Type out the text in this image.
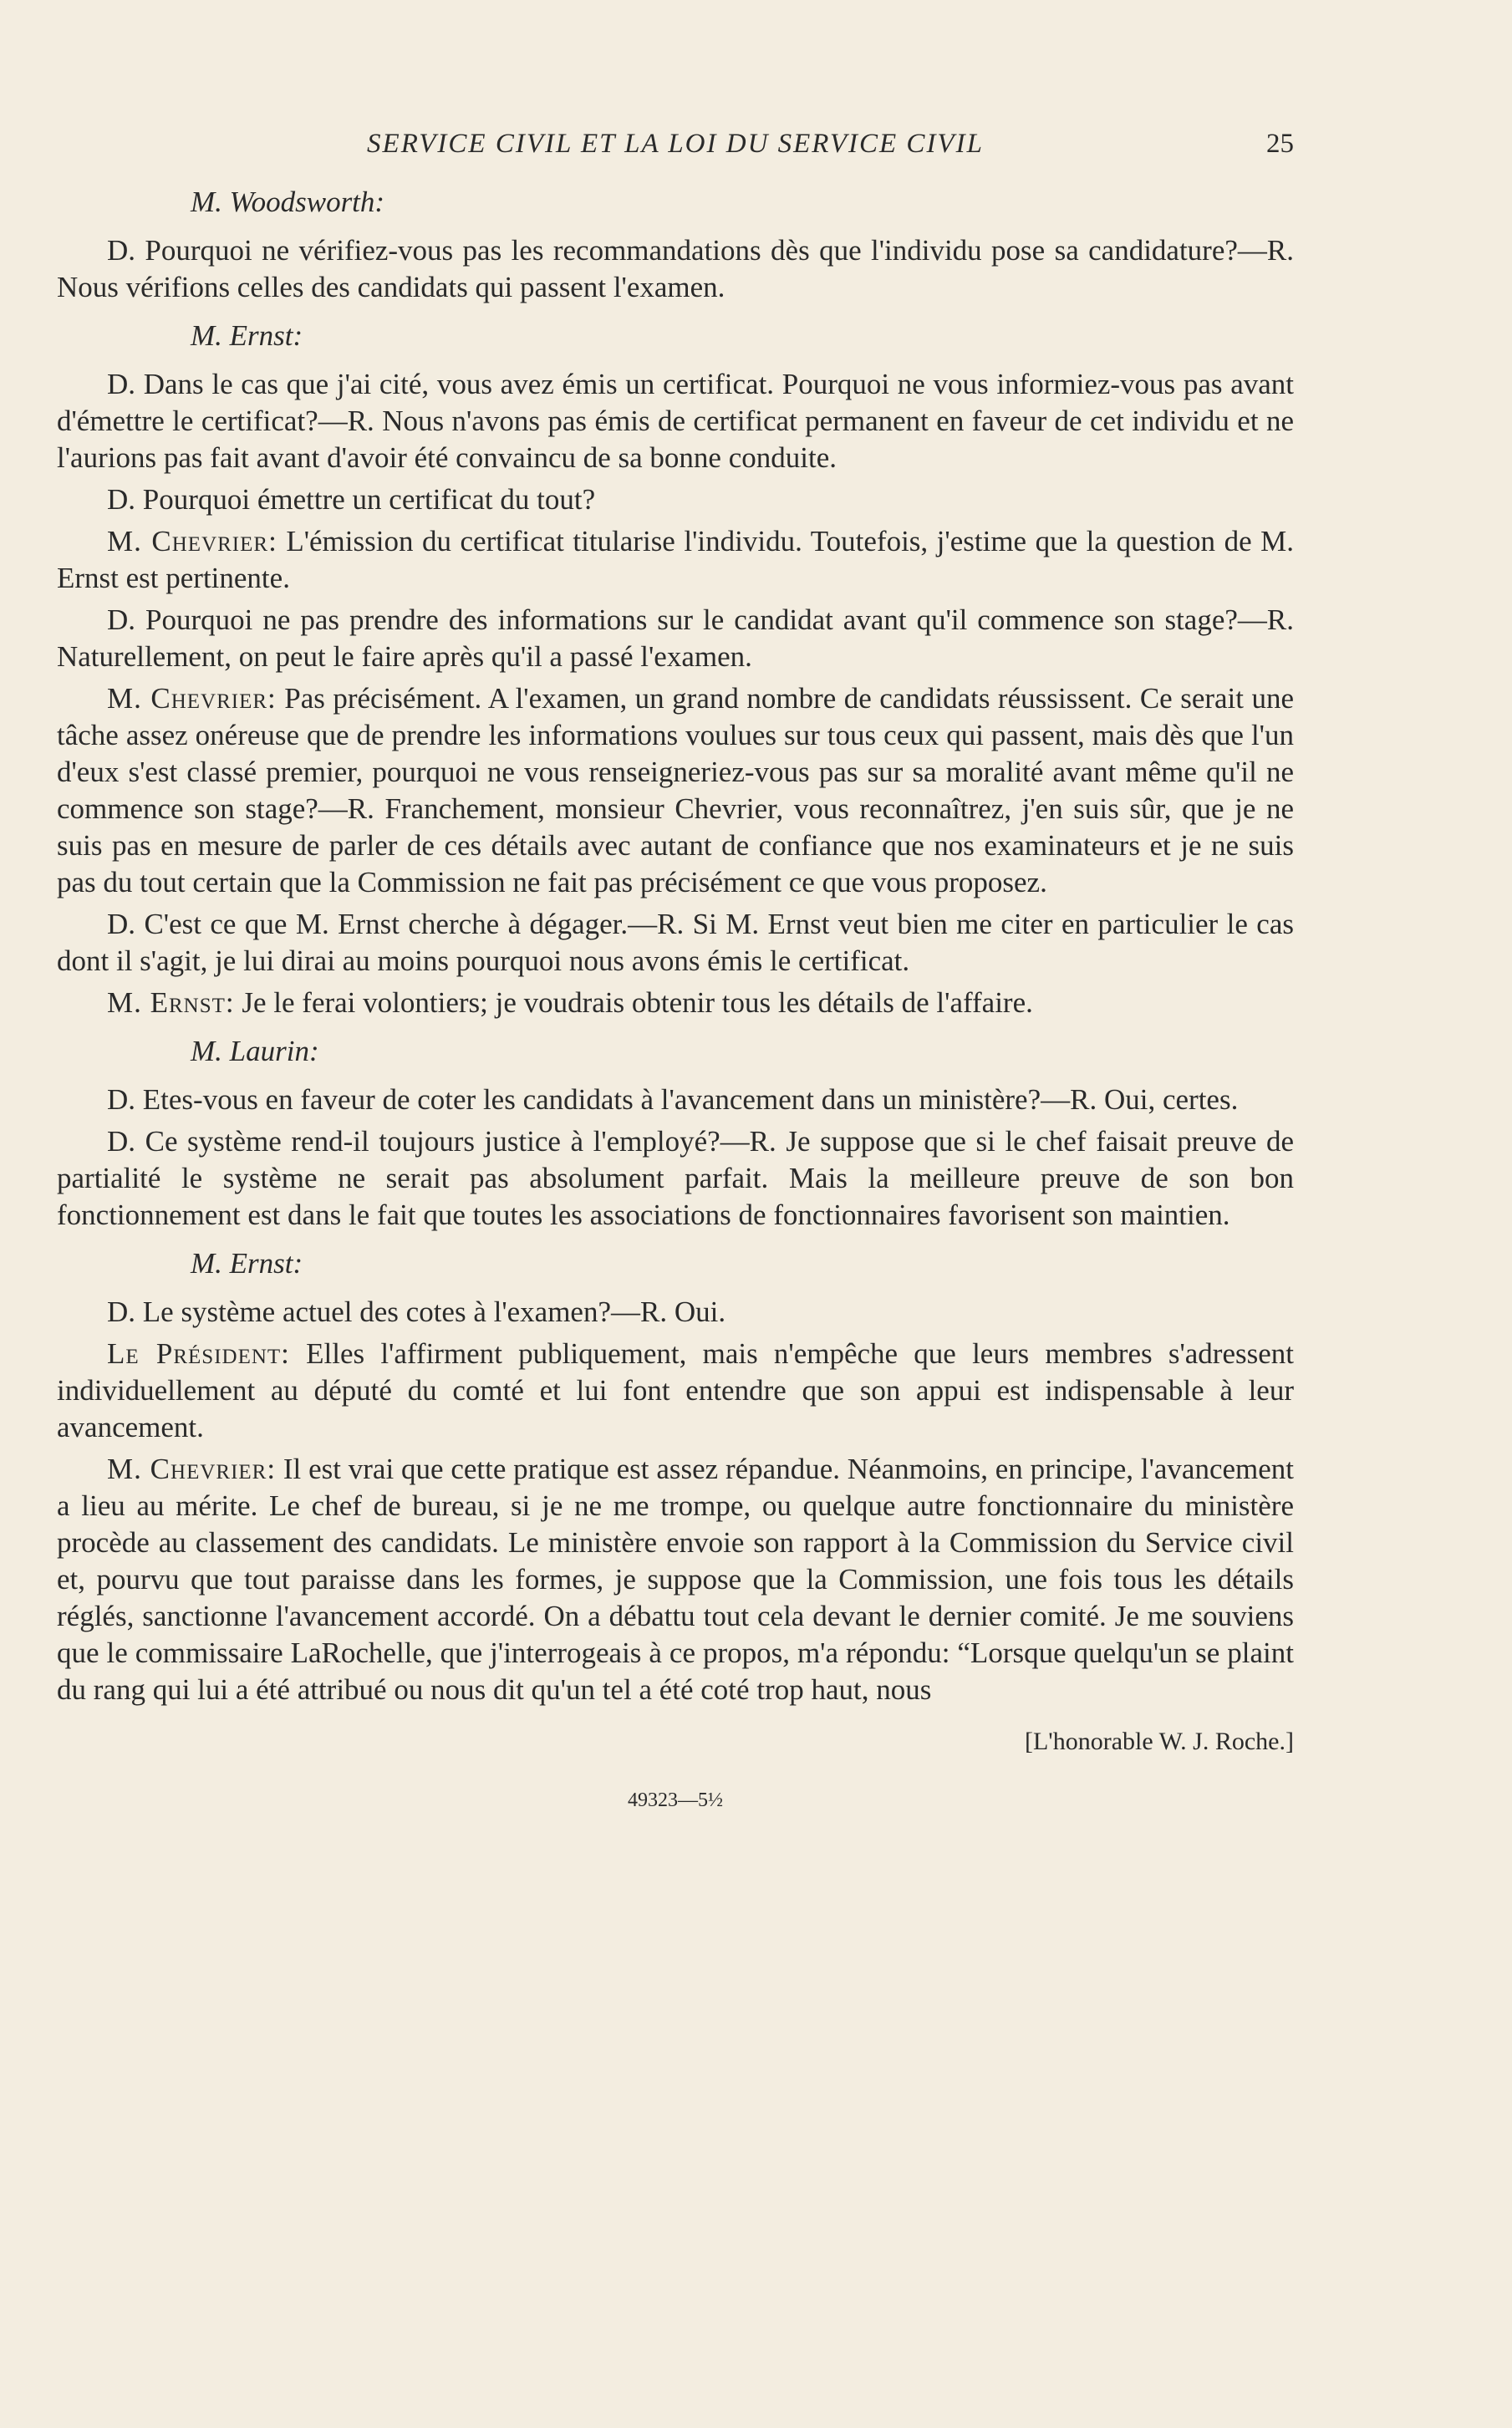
SERVICE CIVIL ET LA LOI DU SERVICE CIVIL	25
M. Woodsworth:

D. Pourquoi ne vérifiez-vous pas les recommandations dès que l'individu pose sa candidature?—R. Nous vérifions celles des candidats qui passent l'examen.

M. Ernst:

D. Dans le cas que j'ai cité, vous avez émis un certificat. Pourquoi ne vous informiez-vous pas avant d'émettre le certificat?—R. Nous n'avons pas émis de certificat permanent en faveur de cet individu et ne l'aurions pas fait avant d'avoir été convaincu de sa bonne conduite.

D. Pourquoi émettre un certificat du tout?

M. Chevrier: L'émission du certificat titularise l'individu. Toutefois, j'estime que la question de M. Ernst est pertinente.

D. Pourquoi ne pas prendre des informations sur le candidat avant qu'il commence son stage?—R. Naturellement, on peut le faire après qu'il a passé l'examen.

M. Chevrier: Pas précisément. A l'examen, un grand nombre de candidats réussissent. Ce serait une tâche assez onéreuse que de prendre les informations voulues sur tous ceux qui passent, mais dès que l'un d'eux s'est classé premier, pourquoi ne vous renseigneriez-vous pas sur sa moralité avant même qu'il ne commence son stage?—R. Franchement, monsieur Chevrier, vous reconnaîtrez, j'en suis sûr, que je ne suis pas en mesure de parler de ces détails avec autant de confiance que nos examinateurs et je ne suis pas du tout certain que la Commission ne fait pas précisément ce que vous proposez.

D. C'est ce que M. Ernst cherche à dégager.—R. Si M. Ernst veut bien me citer en particulier le cas dont il s'agit, je lui dirai au moins pourquoi nous avons émis le certificat.

M. Ernst: Je le ferai volontiers; je voudrais obtenir tous les détails de l'affaire.

M. Laurin:

D. Etes-vous en faveur de coter les candidats à l'avancement dans un ministère?—R. Oui, certes.

D. Ce système rend-il toujours justice à l'employé?—R. Je suppose que si le chef faisait preuve de partialité le système ne serait pas absolument parfait. Mais la meilleure preuve de son bon fonctionnement est dans le fait que toutes les associations de fonctionnaires favorisent son maintien.

M. Ernst:

D. Le système actuel des cotes à l'examen?—R. Oui.

Le Président: Elles l'affirment publiquement, mais n'empêche que leurs membres s'adressent individuellement au député du comté et lui font entendre que son appui est indispensable à leur avancement.

M. Chevrier: Il est vrai que cette pratique est assez répandue. Néanmoins, en principe, l'avancement a lieu au mérite. Le chef de bureau, si je ne me trompe, ou quelque autre fonctionnaire du ministère procède au classement des candidats. Le ministère envoie son rapport à la Commission du Service civil et, pourvu que tout paraisse dans les formes, je suppose que la Commission, une fois tous les détails réglés, sanctionne l'avancement accordé. On a débattu tout cela devant le dernier comité. Je me souviens que le commissaire LaRochelle, que j'interrogeais à ce propos, m'a répondu: “Lorsque quelqu'un se plaint du rang qui lui a été attribué ou nous dit qu'un tel a été coté trop haut, nous

[L'honorable W. J. Roche.]
49323—5½
